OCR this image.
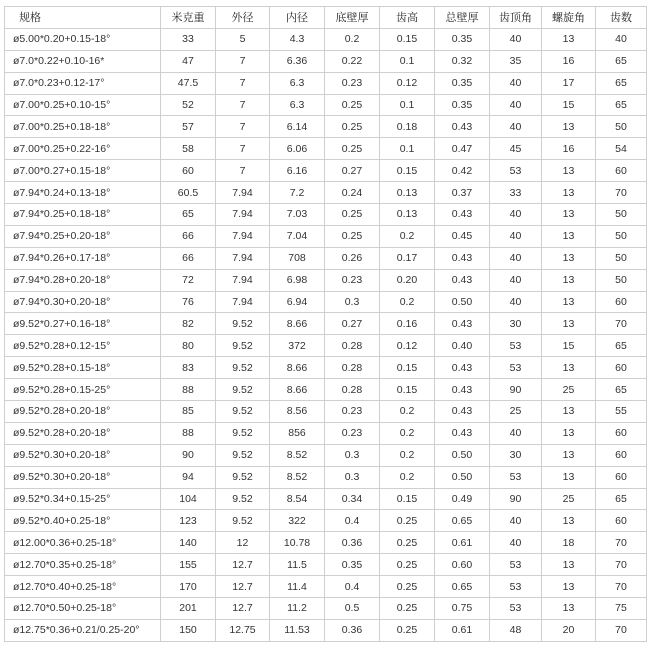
规格	米克重	外径	内径	底壁厚	齿高	总壁厚	齿顶角	螺旋角	齿数
ø5.00*0.20+0.15-18°	33	5	4.3	0.2	0.15	0.35	40	13	40
ø7.0*0.22+0.10-16*	47	7	6.36	0.22	0.1	0.32	35	16	65
ø7.0*0.23+0.12-17°	47.5	7	6.3	0.23	0.12	0.35	40	17	65
ø7.00*0.25+0.10-15°	52	7	6.3	0.25	0.1	0.35	40	15	65
ø7.00*0.25+0.18-18°	57	7	6.14	0.25	0.18	0.43	40	13	50
ø7.00*0.25+0.22-16°	58	7	6.06	0.25	0.1	0.47	45	16	54
ø7.00*0.27+0.15-18°	60	7	6.16	0.27	0.15	0.42	53	13	60
ø7.94*0.24+0.13-18°	60.5	7.94	7.2	0.24	0.13	0.37	33	13	70
ø7.94*0.25+0.18-18°	65	7.94	7.03	0.25	0.13	0.43	40	13	50
ø7.94*0.25+0.20-18°	66	7.94	7.04	0.25	0.2	0.45	40	13	50
ø7.94*0.26+0.17-18°	66	7.94	708	0.26	0.17	0.43	40	13	50
ø7.94*0.28+0.20-18°	72	7.94	6.98	0.23	0.20	0.43	40	13	50
ø7.94*0.30+0.20-18°	76	7.94	6.94	0.3	0.2	0.50	40	13	60
ø9.52*0.27+0.16-18°	82	9.52	8.66	0.27	0.16	0.43	30	13	70
ø9.52*0.28+0.12-15°	80	9.52	372	0.28	0.12	0.40	53	15	65
ø9.52*0.28+0.15-18°	83	9.52	8.66	0.28	0.15	0.43	53	13	60
ø9.52*0.28+0.15-25°	88	9.52	8.66	0.28	0.15	0.43	90	25	65
ø9.52*0.28+0.20-18°	85	9.52	8.56	0.23	0.2	0.43	25	13	55
ø9.52*0.28+0.20-18°	88	9.52	856	0.23	0.2	0.43	40	13	60
ø9.52*0.30+0.20-18°	90	9.52	8.52	0.3	0.2	0.50	30	13	60
ø9.52*0.30+0.20-18°	94	9.52	8.52	0.3	0.2	0.50	53	13	60
ø9.52*0.34+0.15-25°	104	9.52	8.54	0.34	0.15	0.49	90	25	65
ø9.52*0.40+0.25-18°	123	9.52	322	0.4	0.25	0.65	40	13	60
ø12.00*0.36+0.25-18°	140	12	10.78	0.36	0.25	0.61	40	18	70
ø12.70*0.35+0.25-18°	155	12.7	11.5	0.35	0.25	0.60	53	13	70
ø12.70*0.40+0.25-18°	170	12.7	11.4	0.4	0.25	0.65	53	13	70
ø12.70*0.50+0.25-18°	201	12.7	11.2	0.5	0.25	0.75	53	13	75
ø12.75*0.36+0.21/0.25-20°	150	12.75	11.53	0.36	0.25	0.61	48	20	70
